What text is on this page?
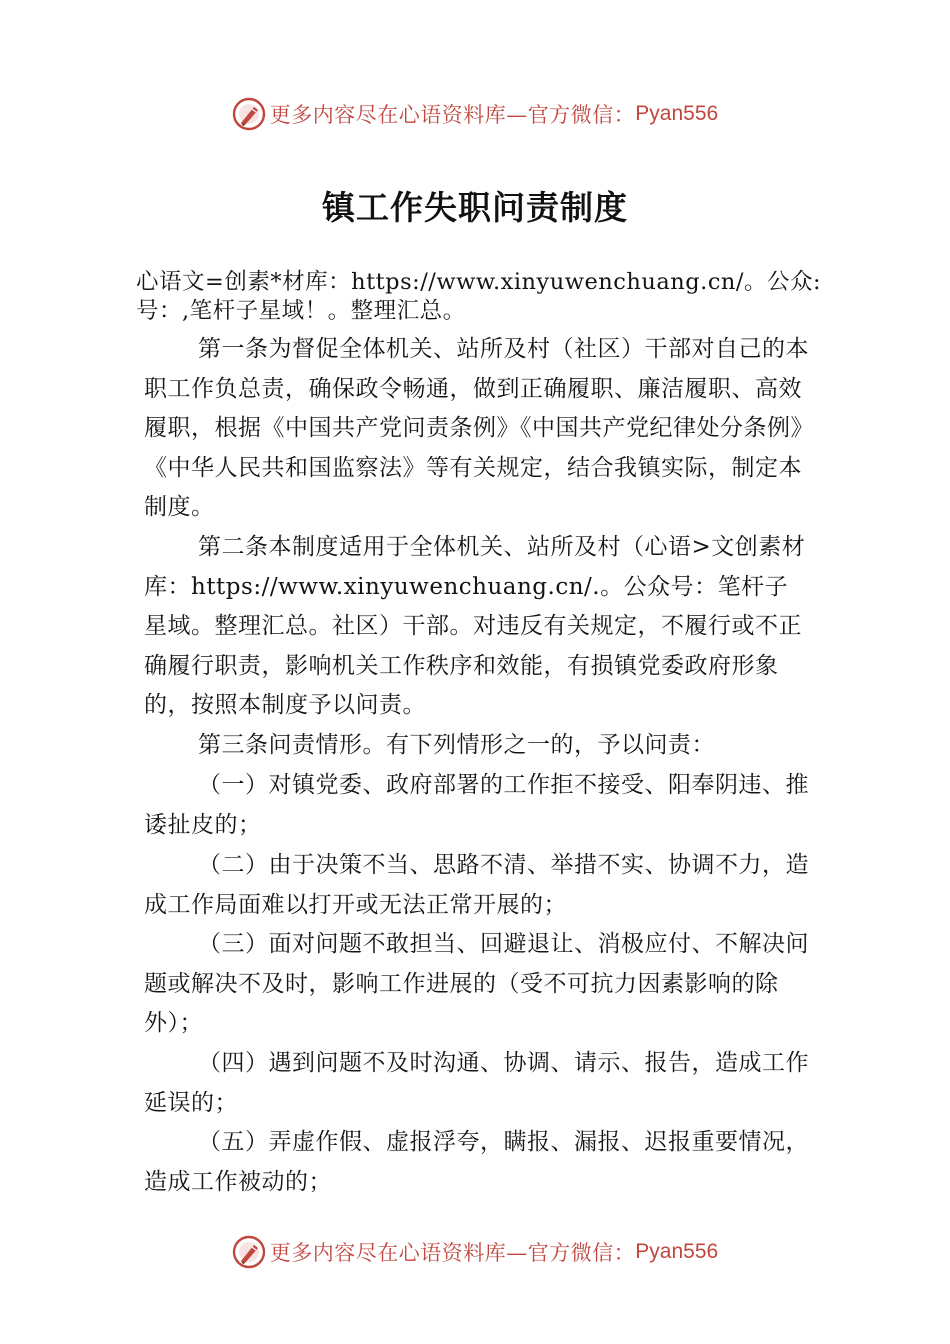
更多内容尽在心语资料库—官方微信： Pyan556
镇工作失职问责制度
心语文=创素*材库：https://www.xinyuwenchuang.cn/。公众:号：,笔杆子星域！。整理汇总。
第一条为督促全体机关、站所及村（社区）干部对自己的本职工作负总责，确保政令畅通，做到正确履职、廉洁履职、高效履职，根据《中国共产党问责条例》《中国共产党纪律处分条例》《中华人民共和国监察法》等有关规定，结合我镇实际，制定本制度。
第二条本制度适用于全体机关、站所及村（心语>文创素材库：https://www.xinyuwenchuang.cn/.。公众号：笔杆子星域。整理汇总。社区）干部。对违反有关规定，不履行或不正确履行职责，影响机关工作秩序和效能，有损镇党委政府形象的，按照本制度予以问责。
第三条问责情形。有下列情形之一的，予以问责：
（一）对镇党委、政府部署的工作拒不接受、阳奉阴违、推诿扯皮的；
（二）由于决策不当、思路不清、举措不实、协调不力，造成工作局面难以打开或无法正常开展的；
（三）面对问题不敢担当、回避退让、消极应付、不解决问题或解决不及时，影响工作进展的（受不可抗力因素影响的除外）；
（四）遇到问题不及时沟通、协调、请示、报告，造成工作延误的；
（五）弄虚作假、虚报浮夸，瞒报、漏报、迟报重要情况，造成工作被动的；
更多内容尽在心语资料库—官方微信： Pyan556
